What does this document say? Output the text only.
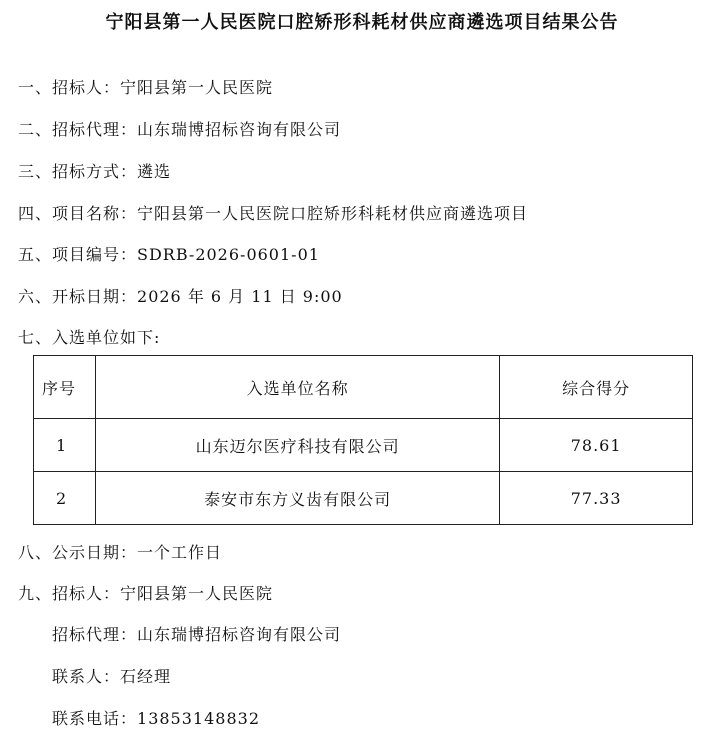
宁阳县第一人民医院口腔矫形科耗材供应商遴选项目结果公告
一、招标人：宁阳县第一人民医院
二、招标代理：山东瑞博招标咨询有限公司
三、招标方式：遴选
四、项目名称：宁阳县第一人民医院口腔矫形科耗材供应商遴选项目
五、项目编号：SDRB-2026-0601-01
六、开标日期：2026 年 6 月 11 日 9:00
七、入选单位如下:
序号	入选单位名称	综合得分
1	山东迈尔医疗科技有限公司	78.61
2	泰安市东方义齿有限公司	77.33
八、公示日期：一个工作日
九、招标人：宁阳县第一人民医院
招标代理：山东瑞博招标咨询有限公司
联系人：石经理
联系电话：13853148832
